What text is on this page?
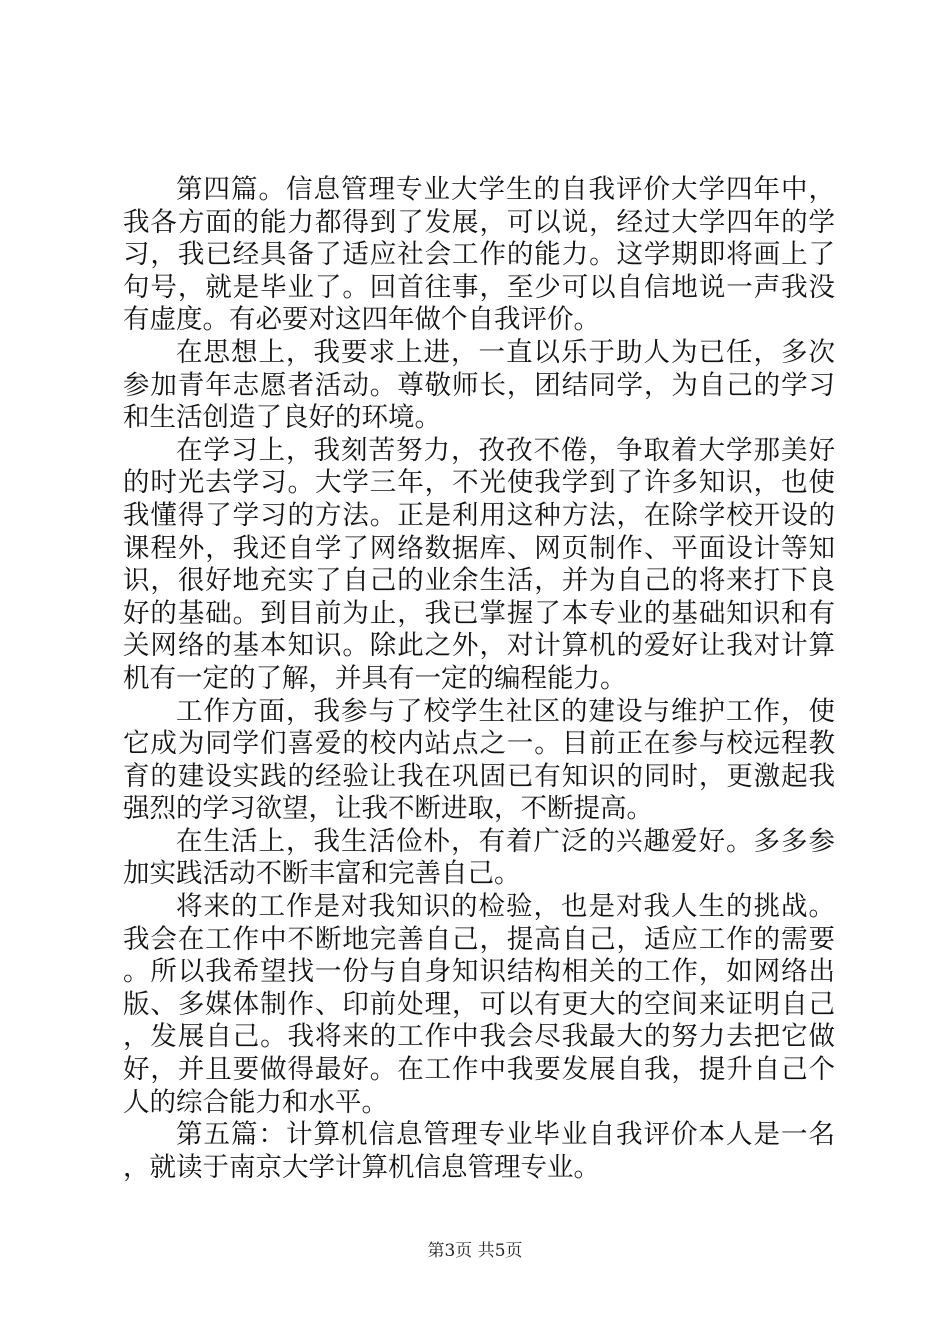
第四篇。信息管理专业大学生的自我评价大学四年中，我各方面的能力都得到了发展，可以说，经过大学四年的学习，我已经具备了适应社会工作的能力。这学期即将画上了句号，就是毕业了。回首往事，至少可以自信地说一声我没有虚度。有必要对这四年做个自我评价。

在思想上，我要求上进，一直以乐于助人为已任，多次参加青年志愿者活动。尊敬师长，团结同学，为自己的学习和生活创造了良好的环境。

在学习上，我刻苦努力，孜孜不倦，争取着大学那美好的时光去学习。大学三年，不光使我学到了许多知识，也使我懂得了学习的方法。正是利用这种方法，在除学校开设的课程外，我还自学了网络数据库、网页制作、平面设计等知识，很好地充实了自己的业余生活，并为自己的将来打下良好的基础。到目前为止，我已掌握了本专业的基础知识和有关网络的基本知识。除此之外，对计算机的爱好让我对计算机有一定的了解，并具有一定的编程能力。

工作方面，我参与了校学生社区的建设与维护工作，使它成为同学们喜爱的校内站点之一。目前正在参与校远程教育的建设实践的经验让我在巩固已有知识的同时，更激起我强烈的学习欲望，让我不断进取，不断提高。

在生活上，我生活俭朴，有着广泛的兴趣爱好。多多参加实践活动不断丰富和完善自己。

将来的工作是对我知识的检验，也是对我人生的挑战。我会在工作中不断地完善自己，提高自己，适应工作的需要。所以我希望找一份与自身知识结构相关的工作，如网络出版、多媒体制作、印前处理，可以有更大的空间来证明自己，发展自己。我将来的工作中我会尽我最大的努力去把它做好，并且要做得最好。在工作中我要发展自我，提升自己个人的综合能力和水平。

第五篇：计算机信息管理专业毕业自我评价本人是一名，就读于南京大学计算机信息管理专业。

第3页 共5页
